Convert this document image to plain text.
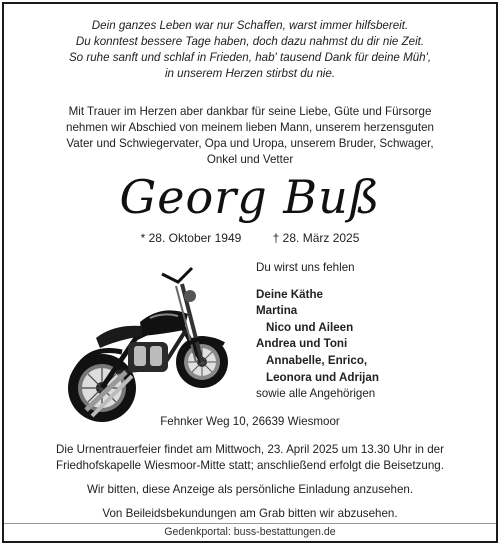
Dein ganzes Leben war nur Schaffen, warst immer hilfsbereit.
Du konntest bessere Tage haben, doch dazu nahmst du dir nie Zeit.
So ruhe sanft und schlaf in Frieden, hab' tausend Dank für deine Müh',
in unserem Herzen stirbst du nie.
Mit Trauer im Herzen aber dankbar für seine Liebe, Güte und Fürsorge
nehmen wir Abschied von meinem lieben Mann, unserem herzensguten
Vater und Schwiegervater, Opa und Uropa, unserem Bruder, Schwager,
Onkel und Vetter
Georg Buß
* 28. Oktober 1949	† 28. März 2025
Du wirst uns fehlen
Deine Käthe
Martina
Nico und Aileen
Andrea und Toni
Annabelle, Enrico,
Leonora und Adrijan
sowie alle Angehörigen
Fehnker Weg 10, 26639 Wiesmoor
Die Urnentrauerfeier findet am Mittwoch, 23. April 2025 um 13.30 Uhr in der
Friedhofskapelle Wiesmoor-Mitte statt; anschließend erfolgt die Beisetzung.
Wir bitten, diese Anzeige als persönliche Einladung anzusehen.
Von Beileidsbekundungen am Grab bitten wir abzusehen.
Gedenkportal: buss-bestattungen.de
